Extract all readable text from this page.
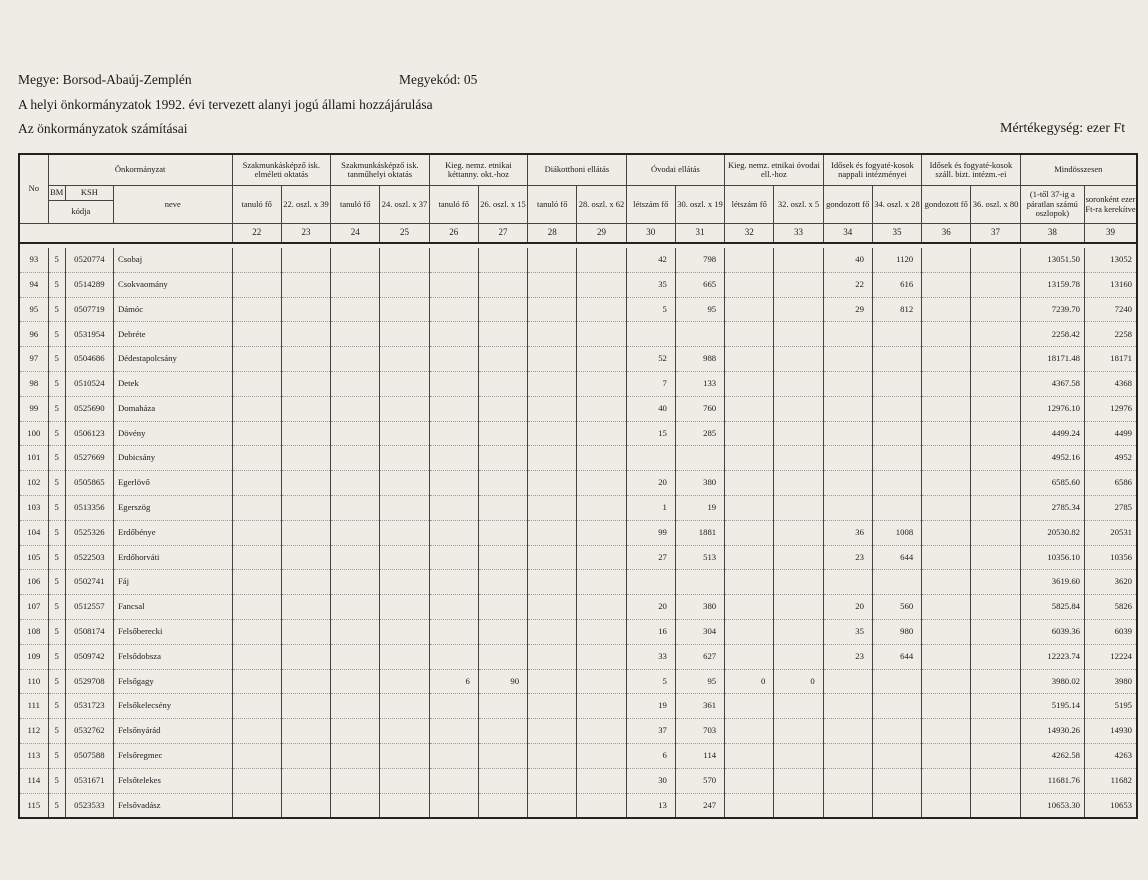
Megye: Borsod-Abaúj-Zemplén	Megyekód: 05
A helyi önkormányzatok 1992. évi tervezett alanyi jogú állami hozzájárulása
Az önkormányzatok számításai	Mértékegység: ezer Ft
No	Önkormányzat			Szakmunkásképző isk. elméleti oktatás		Szakmunkásképző isk. tanműhelyi oktatás		Kieg. nemz. etnikai kéttanny. okt.-hoz		Diákotthoni ellátás		Óvodai ellátás		Kieg. nemz. etnikai óvodai ell.-hoz		Idősek és fogyaté-kosok nappali intézményei		Idősek és fogyaté-kosok száll. bizt. intézm.-ei		Mindösszesen	
	BM	KSH	neve	tanuló fő	22. oszl. x 39	tanuló fő	24. oszl. x 37	tanuló fő	26. oszl. x 15	tanuló fő	28. oszl. x 62	létszám fő	30. oszl. x 19	létszám fő	32. oszl. x 5	gondozott fő	34. oszl. x 28	gondozott fő	36. oszl. x 80	(1-től 37-ig a páratlan számú oszlopok)	soronként ezer Ft-ra kerekítve
	kódja																				
				22	23	24	25	26	27	28	29	30	31	32	33	34	35	36	37	38	39

93	5	0520774	Csobaj									42	798			40	1120			13051.50	13052
94	5	0514289	Csokvaomány									35	665			22	616			13159.78	13160
95	5	0507719	Dámóc									5	95			29	812			7239.70	7240
96	5	0531954	Debréte																	2258.42	2258
97	5	0504686	Dédestapolcsány									52	988							18171.48	18171
98	5	0510524	Detek									7	133							4367.58	4368
99	5	0525690	Domaháza									40	760							12976.10	12976
100	5	0506123	Dövény									15	285							4499.24	4499
101	5	0527669	Dubicsány																	4952.16	4952
102	5	0505865	Egerlövő									20	380							6585.60	6586
103	5	0513356	Egerszög									1	19							2785.34	2785
104	5	0525326	Erdőbénye									99	1881			36	1008			20530.82	20531
105	5	0522503	Erdőhorváti									27	513			23	644			10356.10	10356
106	5	0502741	Fáj																	3619.60	3620
107	5	0512557	Fancsal									20	380			20	560			5825.84	5826
108	5	0508174	Felsőberecki									16	304			35	980			6039.36	6039
109	5	0509742	Felsődobsza									33	627			23	644			12223.74	12224
110	5	0529708	Felsőgagy					6	90			5	95	0	0					3980.02	3980
111	5	0531723	Felsőkelecsény									19	361							5195.14	5195
112	5	0532762	Felsőnyárád									37	703							14930.26	14930
113	5	0507588	Felsőregmec									6	114							4262.58	4263
114	5	0531671	Felsőtelekes									30	570							11681.76	11682
115	5	0523533	Felsővadász									13	247							10653.30	10653
